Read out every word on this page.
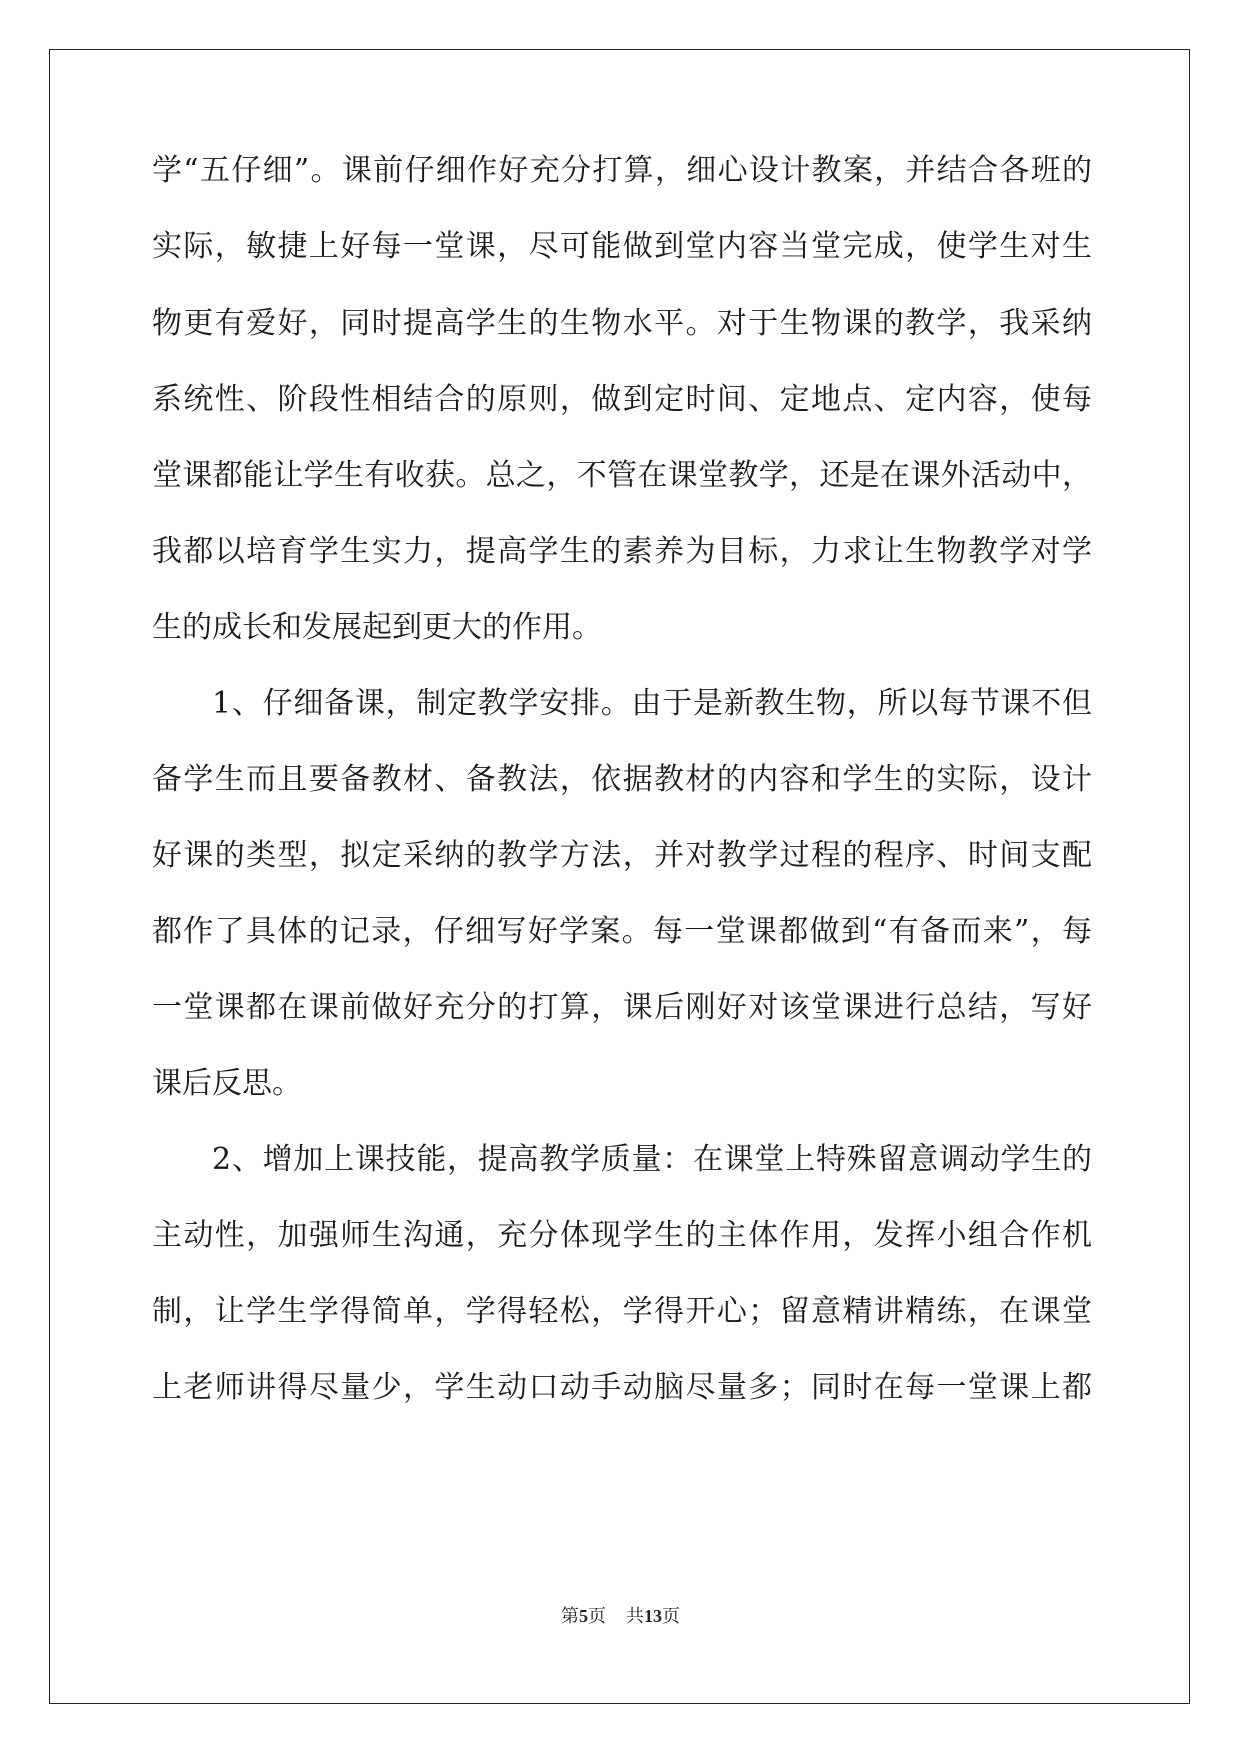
学“五仔细”。课前仔细作好充分打算，细心设计教案，并结合各班的
实际，敏捷上好每一堂课，尽可能做到堂内容当堂完成，使学生对生
物更有爱好，同时提高学生的生物水平。对于生物课的教学，我采纳
系统性、阶段性相结合的原则，做到定时间、定地点、定内容，使每
堂课都能让学生有收获。总之，不管在课堂教学，还是在课外活动中，
我都以培育学生实力，提高学生的素养为目标，力求让生物教学对学
生的成长和发展起到更大的作用。
1、仔细备课，制定教学安排。由于是新教生物，所以每节课不但
备学生而且要备教材、备教法，依据教材的内容和学生的实际，设计
好课的类型，拟定采纳的教学方法，并对教学过程的程序、时间支配
都作了具体的记录，仔细写好学案。每一堂课都做到“有备而来”，每
一堂课都在课前做好充分的打算，课后刚好对该堂课进行总结，写好
课后反思。
2、增加上课技能，提高教学质量：在课堂上特殊留意调动学生的
主动性，加强师生沟通，充分体现学生的主体作用，发挥小组合作机
制，让学生学得简单，学得轻松，学得开心；留意精讲精练，在课堂
上老师讲得尽量少，学生动口动手动脑尽量多；同时在每一堂课上都
第5页 共13页
